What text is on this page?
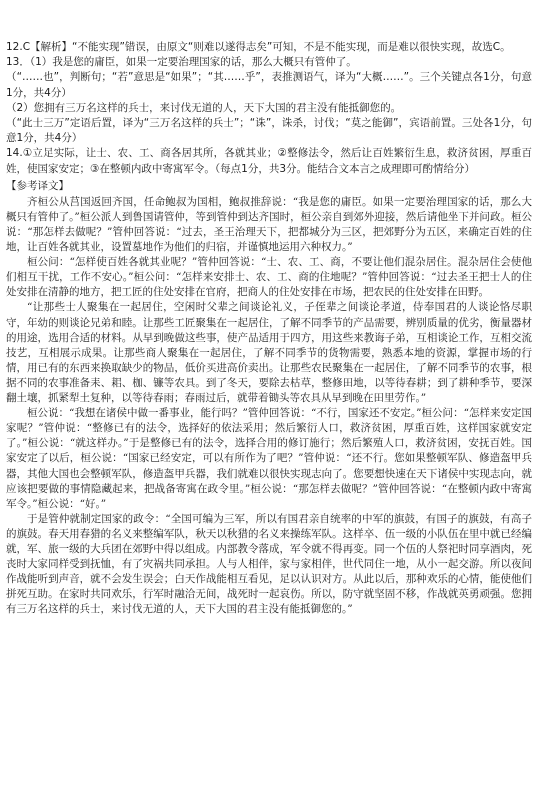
12.C【解析】“不能实现”错误，由原文“则难以遂得志矣”可知，不是不能实现，而是难以很快实现，故选C。

13．（1）我是您的庸臣，如果一定要治理国家的话，那么大概只有管仲了。

（“……也”，判断句；“若”意思是“如果”；“其……乎”，表推测语气，译为“大概……”。三个关键点各1分，句意1分，共4分）

（2）您拥有三万名这样的兵士，来讨伐无道的人，天下大国的君主没有能抵御您的。

（“此士三万”定语后置，译为“三万名这样的兵士”；“诛”，诛杀，讨伐；“莫之能御”，宾语前置。三处各1分，句意1分，共4分）

14.①立足实际，让士、农、工、商各居其所，各就其业；②整修法令，然后让百姓繁衍生息，救济贫困，厚重百姓，使国家安定；③在整顿内政中寄寓军令。（每点1分，共3分。能结合文本言之成理即可酌情给分）

【参考译文】

齐桓公从莒国返回齐国，任命鲍叔为国相，鲍叔推辞说：“我是您的庸臣。如果一定要治理国家的话，那么大概只有管仲了。”桓公派人到鲁国请管仲，等到管仲到达齐国时，桓公亲自到郊外迎接，然后请他坐下并问政。桓公说：“那怎样去做呢？”管仲回答说：“过去，圣王治理天下，把都城分为三区，把郊野分为五区，来确定百姓的住地，让百姓各就其业，设置墓地作为他们的归宿，并谨慎地运用六种权力。”

桓公问：“怎样使百姓各就其业呢？”管仲回答说：“士、农、工、商，不要让他们混杂居住。混杂居住会使他们相互干扰，工作不安心。”桓公问：“怎样来安排士、农、工、商的住地呢？”管仲回答说：“过去圣王把士人的住处安排在清静的地方，把工匠的住处安排在官府，把商人的住处安排在市场，把农民的住处安排在田野。

“让那些士人聚集在一起居住，空闲时父辈之间谈论礼义，子侄辈之间谈论孝道，侍奉国君的人谈论恪尽职守，年幼的则谈论兄弟和睦。让那些工匠聚集在一起居住，了解不同季节的产品需要，辨别质量的优劣，衡量器材的用途，选用合适的材料。从早到晚做这些事，使产品适用于四方，用这些来教诲子弟，互相谈论工作，互相交流技艺，互相展示成果。让那些商人聚集在一起居住，了解不同季节的货物需要，熟悉本地的资源，掌握市场的行情，用已有的东西来换取缺少的物品，低价买进高价卖出。让那些农民聚集在一起居住，了解不同季节的农事，根据不同的农事准备耒、耜、枷、镰等农具。到了冬天，要除去枯草，整修田地，以等待春耕；到了耕种季节，要深翻土壤，抓紧犁土复种，以等待春雨；春雨过后，就带着锄头等农具从早到晚在田里劳作。”

桓公说：“我想在诸侯中做一番事业，能行吗？”管仲回答说：“不行，国家还不安定。”桓公问：“怎样来安定国家呢？”管仲说：“整修已有的法令，选择好的依法采用；然后繁衍人口，救济贫困，厚重百姓，这样国家就安定了。”桓公说：“就这样办。”于是整修已有的法令，选择合用的修订施行；然后繁殖人口，救济贫困，安抚百姓。国家安定了以后，桓公说：“国家已经安定，可以有所作为了吧？”管仲说：“还不行。您如果整顿军队、修造盔甲兵器，其他大国也会整顿军队，修造盔甲兵器，我们就难以很快实现志向了。您要想快速在天下诸侯中实现志向，就应该把要做的事情隐藏起来，把战备寄寓在政令里。”桓公说：“那怎样去做呢？”管仲回答说：“在整顿内政中寄寓军令。”桓公说：“好。”

于是管仲就制定国家的政令：“全国可编为三军，所以有国君亲自统率的中军的旗鼓，有国子的旗鼓，有高子的旗鼓。春天用春猎的名义来整编军队，秋天以秋猎的名义来操练军队。这样卒、伍一级的小队伍在里中就已经编就，军、旅一级的大兵团在郊野中得以组成。内部教令落成，军令就不得再变。同一个伍的人祭祀时同享酒肉，死丧时大家同样受到抚恤，有了灾祸共同承担。人与人相伴，家与家相伴，世代同住一地，从小一起交游。所以夜间作战能听到声音，就不会发生误会；白天作战能相互看见，足以认识对方。从此以后，那种欢乐的心情，能使他们拼死互助。在家时共同欢乐，行军时融洽无间，战死时一起哀伤。所以，防守就坚固不移，作战就英勇顽强。您拥有三万名这样的兵士，来讨伐无道的人，天下大国的君主没有能抵御您的。”
